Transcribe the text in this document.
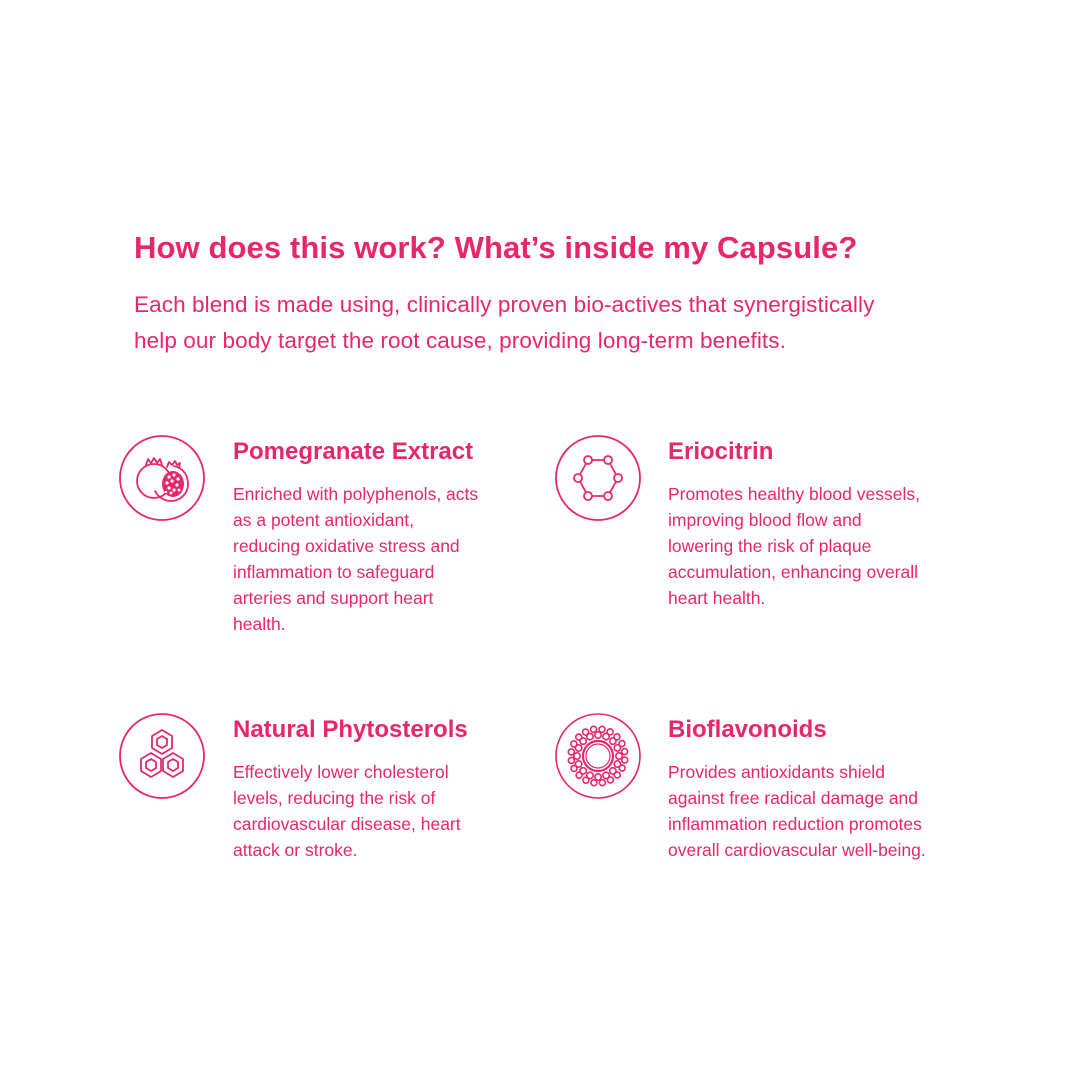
How does this work? What’s inside my Capsule?

Each blend is made using, clinically proven bio-actives that synergistically
help our body target the root cause, providing long-term benefits.

Pomegranate Extract

Enriched with polyphenols, acts
as a potent antioxidant,
reducing oxidative stress and
inflammation to safeguard
arteries and support heart
health.

Eriocitrin

Promotes healthy blood vessels,
improving blood flow and
lowering the risk of plaque
accumulation, enhancing overall
heart health.

Natural Phytosterols

Effectively lower cholesterol
levels, reducing the risk of
cardiovascular disease, heart
attack or stroke.

Bioflavonoids

Provides antioxidants shield
against free radical damage and
inflammation reduction promotes
overall cardiovascular well-being.
